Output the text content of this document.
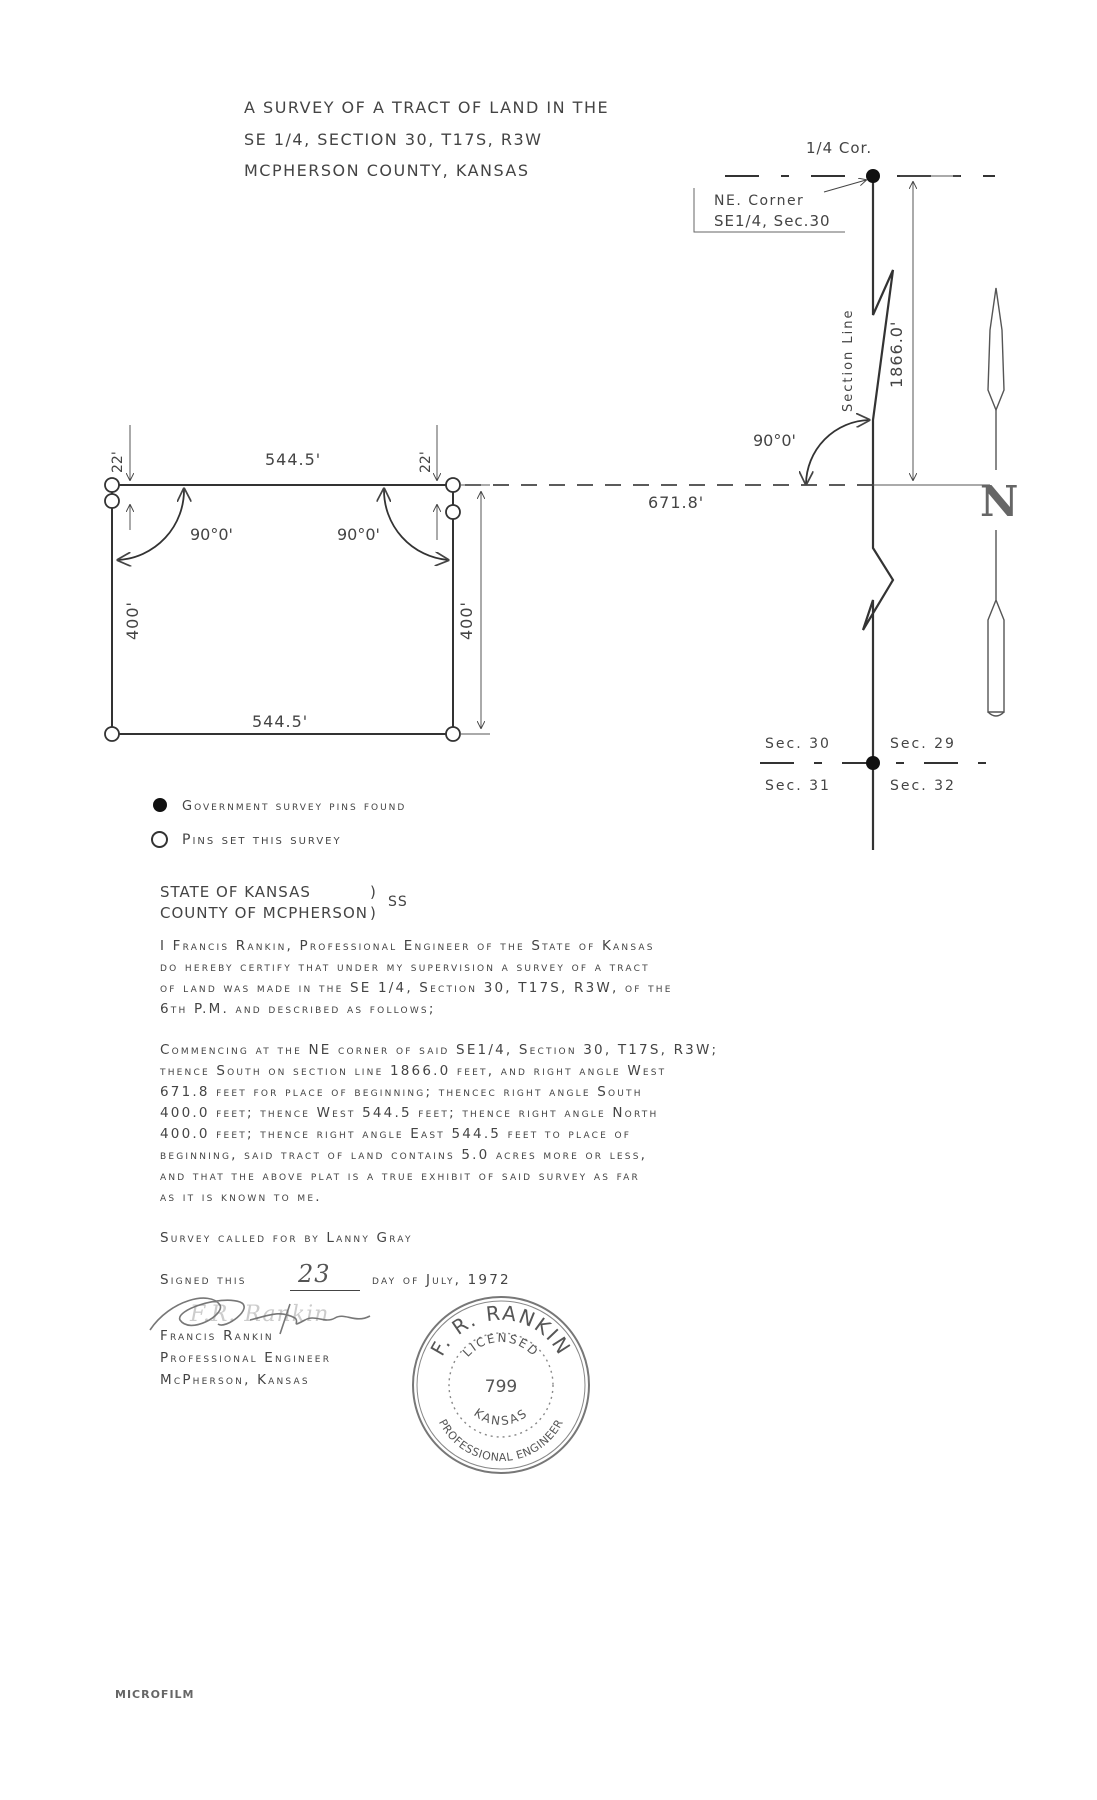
A SURVEY OF A TRACT OF LAND IN THE
SE 1/4, SECTION 30, T17S, R3W
MCPHERSON COUNTY, KANSAS
NE. Corner
SE1/4, Sec.30
1/4 Cor.
Section Line 1866.0'
671.8'
90°0'
544.5'
544.5'
22'	22'
400'	400'
90°0'	90°0'
Sec. 30	Sec. 29
Sec. 31	Sec. 32
N
Government survey pins found
Pins set this survey
STATE OF KANSAS
COUNTY OF MCPHERSON
)
)
SS
I Francis Rankin, Professional Engineer of the State of Kansas
do hereby certify that under my supervision a survey of a tract
of land was made in the SE 1/4, Section 30, T17S, R3W, of the
6th P.M. and described as follows;
Commencing at the NE corner of said SE1/4, Section 30, T17S, R3W;
thence South on section line 1866.0 feet, and right angle West
671.8 feet for place of beginning; thencec right angle South
400.0 feet; thence West 544.5 feet; thence right angle North
400.0 feet; thence right angle East 544.5 feet to place of
beginning, said tract of land contains 5.0 acres more or less,
and that the above plat is a true exhibit of said survey as far
as it is known to me.
Survey called for by Lanny Gray
Signed this 23	day of July, 1972
F.R. Rankin
Francis Rankin
Professional Engineer
McPherson, Kansas
F. R. RANKIN
LICENSED
799
KANSAS
PROFESSIONAL ENGINEER
MICROFILM
